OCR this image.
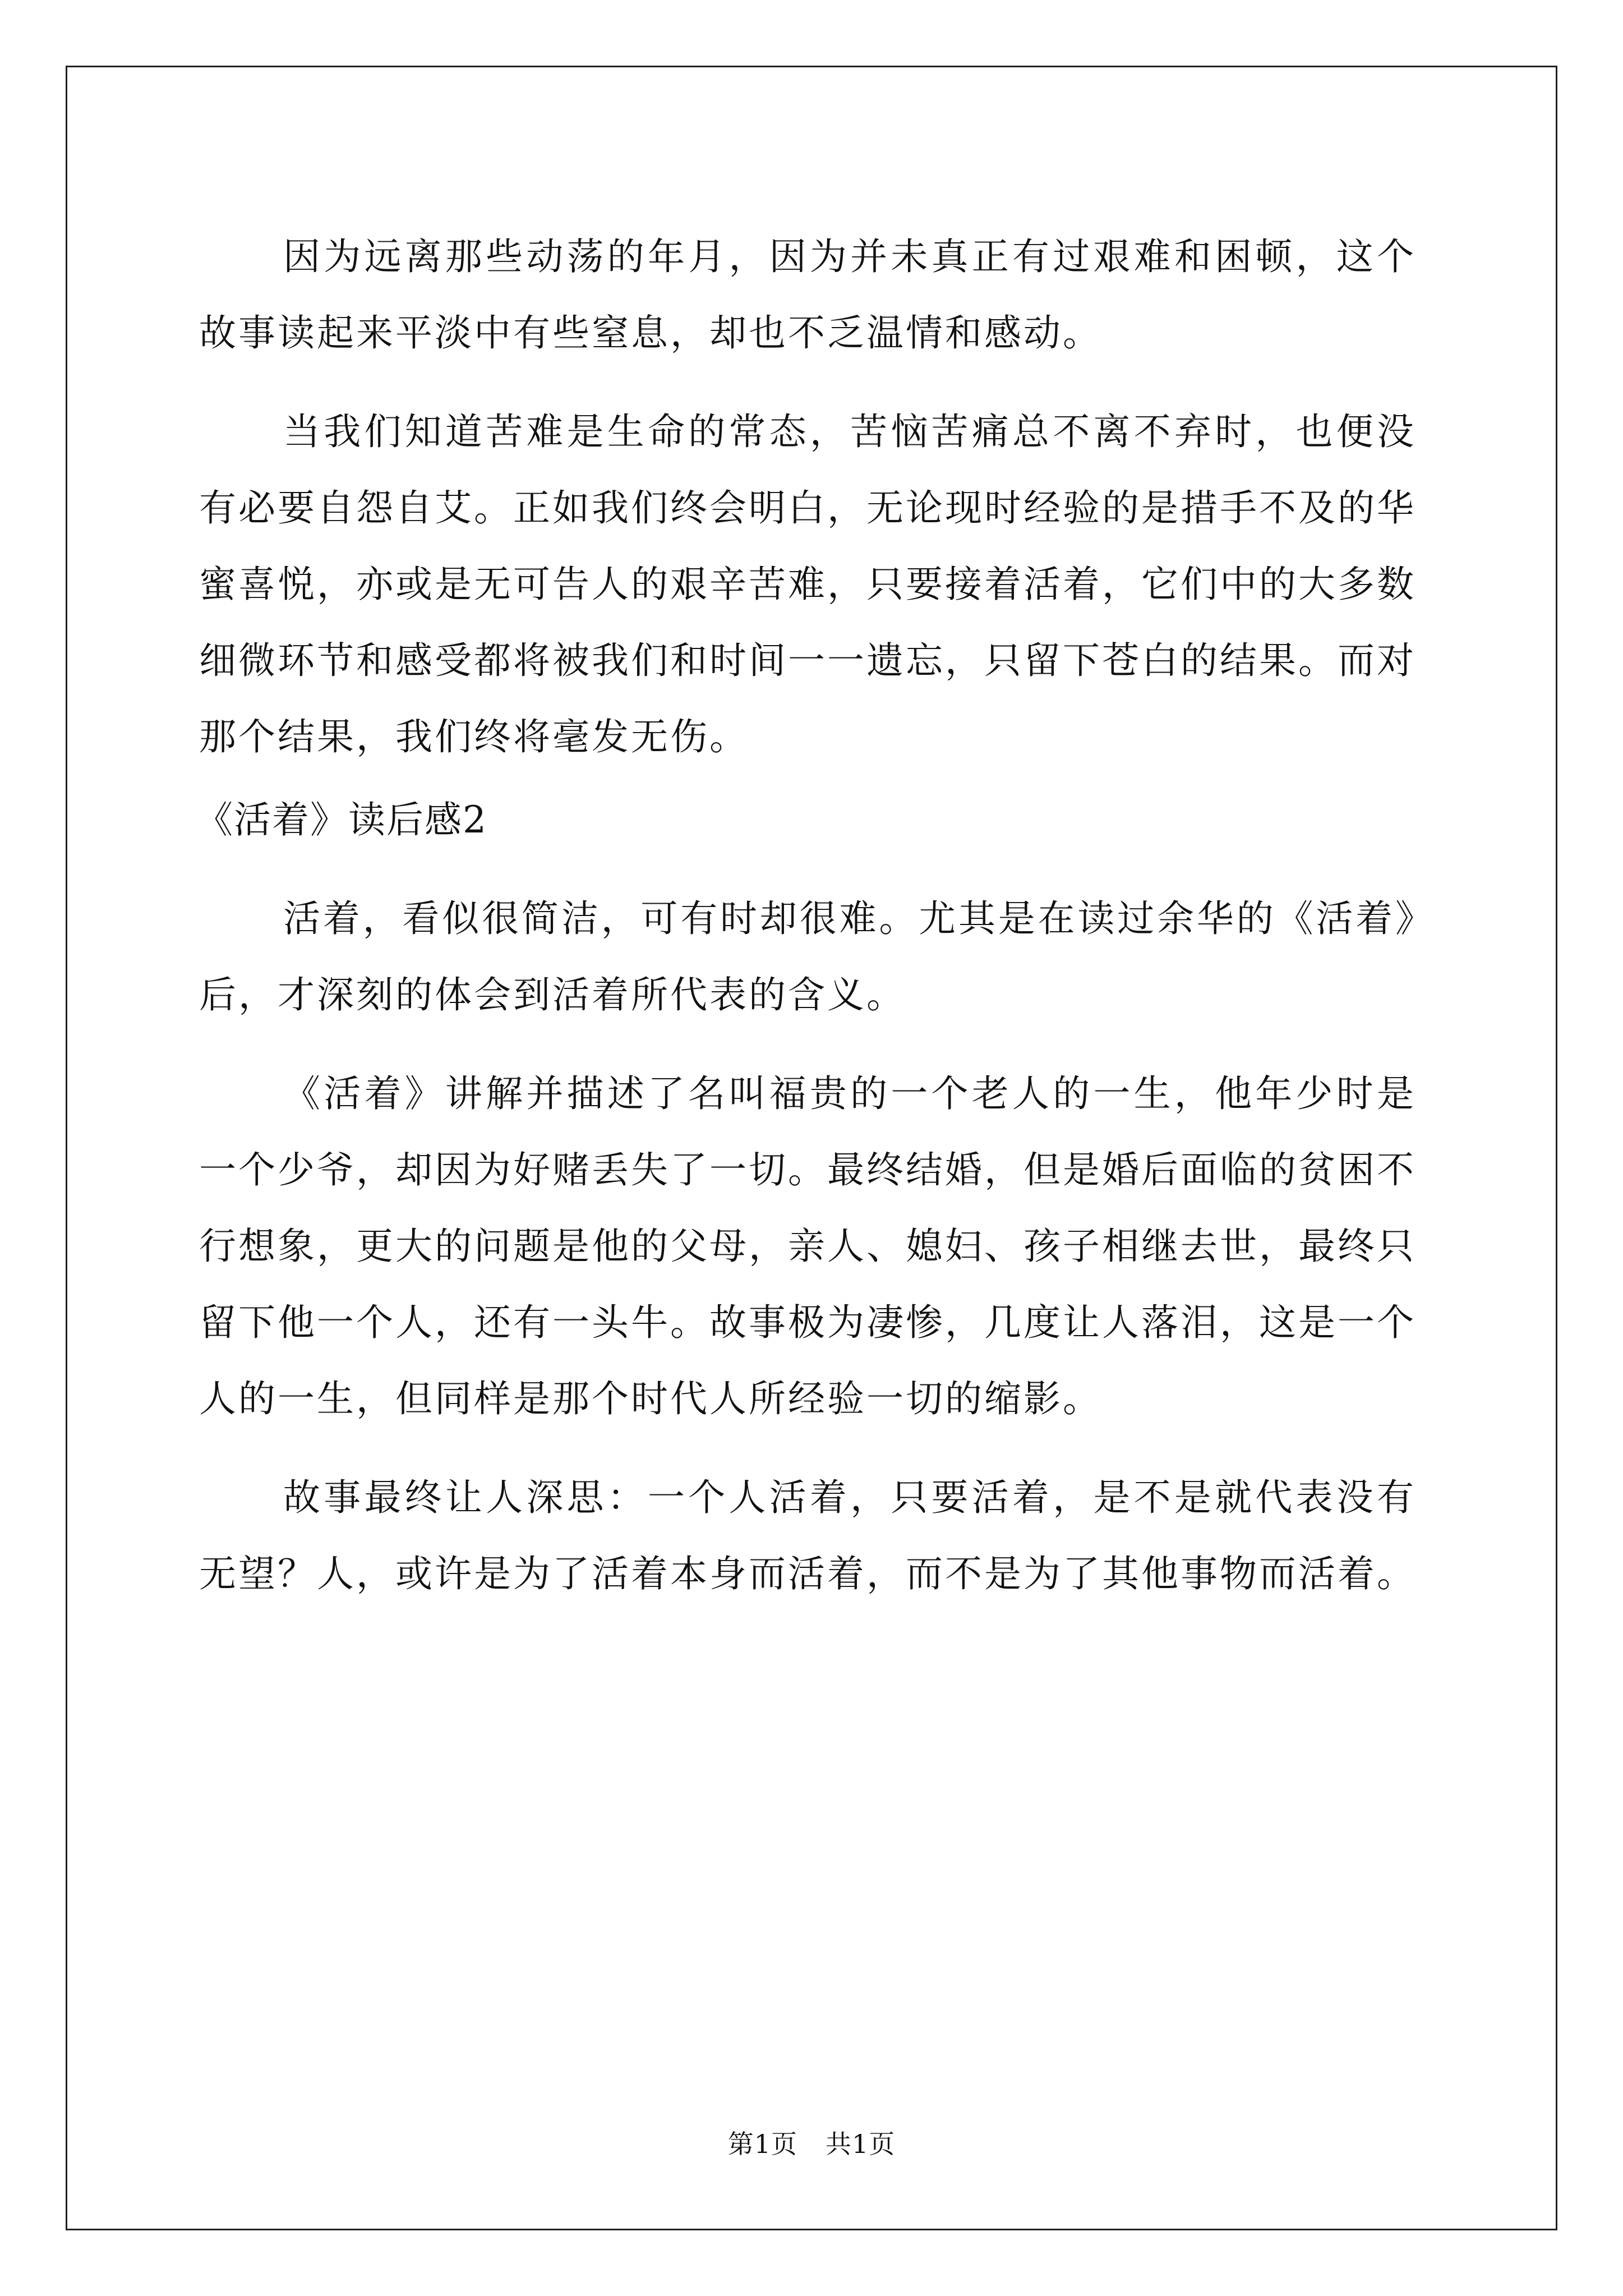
因为远离那些动荡的年月，因为并未真正有过艰难和困顿，这个故事读起来平淡中有些窒息，却也不乏温情和感动。

当我们知道苦难是生命的常态，苦恼苦痛总不离不弃时，也便没有必要自怨自艾。正如我们终会明白，无论现时经验的是措手不及的华蜜喜悦，亦或是无可告人的艰辛苦难，只要接着活着，它们中的大多数细微环节和感受都将被我们和时间一一遗忘，只留下苍白的结果。而对那个结果，我们终将毫发无伤。

《活着》读后感2

活着，看似很简洁，可有时却很难。尤其是在读过余华的《活着》后，才深刻的体会到活着所代表的含义。

《活着》讲解并描述了名叫福贵的一个老人的一生，他年少时是一个少爷，却因为好赌丢失了一切。最终结婚，但是婚后面临的贫困不行想象，更大的问题是他的父母，亲人、媳妇、孩子相继去世，最终只留下他一个人，还有一头牛。故事极为凄惨，几度让人落泪，这是一个人的一生，但同样是那个时代人所经验一切的缩影。

故事最终让人深思：一个人活着，只要活着，是不是就代表没有无望？人，或许是为了活着本身而活着，而不是为了其他事物而活着。

第1页 共1页
